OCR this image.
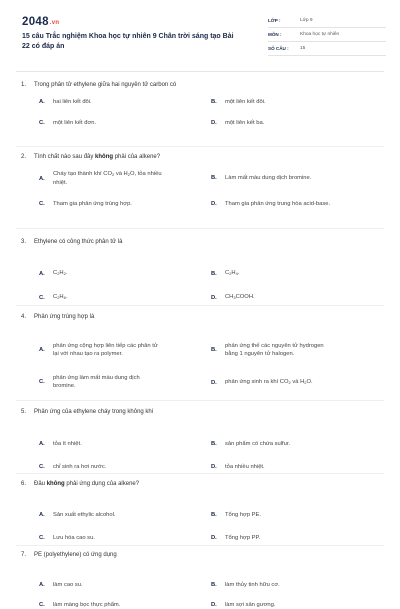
2048.vn
15 câu Trắc nghiệm Khoa học tự nhiên 9 Chân trời sáng tạo Bài 22 có đáp án
LỚP :	Lớp 9
MÔN :	Khoa học tự nhiên
SỐ CÂU :	15
1.	Trong phân tử ethylene giữa hai nguyên tử carbon có
A.	hai liên kết đôi.	B.	một liên kết đôi.
C.	một liên kết đơn.	D.	một liên kết ba.
2.	Tính chất nào sau đây không phải của alkene?
A.
Cháy tạo thành khí $CO_2$ và $H_2O$, tỏa nhiều
nhiệt.
B.	Làm mất màu dung dịch bromine.
C.	Tham gia phản ứng trùng hợp.	D.	Tham gia phản ứng trung hòa acid-base.
3.	Ethylene có công thức phân tử là
A.	$C_2H_2$.	B.	$C_2H_4$.
C.	$C_2H_6$.	D.	$CH_3COOH$.
4.	Phản ứng trùng hợp là
A.
phản ứng cộng hợp liên tiếp các phân tử
lại với nhau tạo ra polymer.
B.
phản ứng thế các nguyên tử hydrogen
bằng 1 nguyên tử halogen.
C.
phản ứng làm mất màu dung dịch
bromine.
D.	phản ứng sinh ra khí $CO_2$ và $H_2O$.
5.	Phản ứng của ethylene cháy trong không khí
A.	tỏa ít nhiệt.	B.	sản phẩm có chứa sulfur.
C.	chỉ sinh ra hơi nước.	D.	tỏa nhiều nhiệt.
6.	Đâu không phải ứng dụng của alkene?
A.	Sản xuất ethylic alcohol.	B.	Tổng hợp PE.
C.	Lưu hóa cao su.	D.	Tổng hợp PP.
7.	PE (polyethylene) có ứng dụng
A.	làm cao su.	B.	làm thủy tinh hữu cơ.
C.	làm màng bọc thực phẩm.	D.	làm sợi sản gương.
